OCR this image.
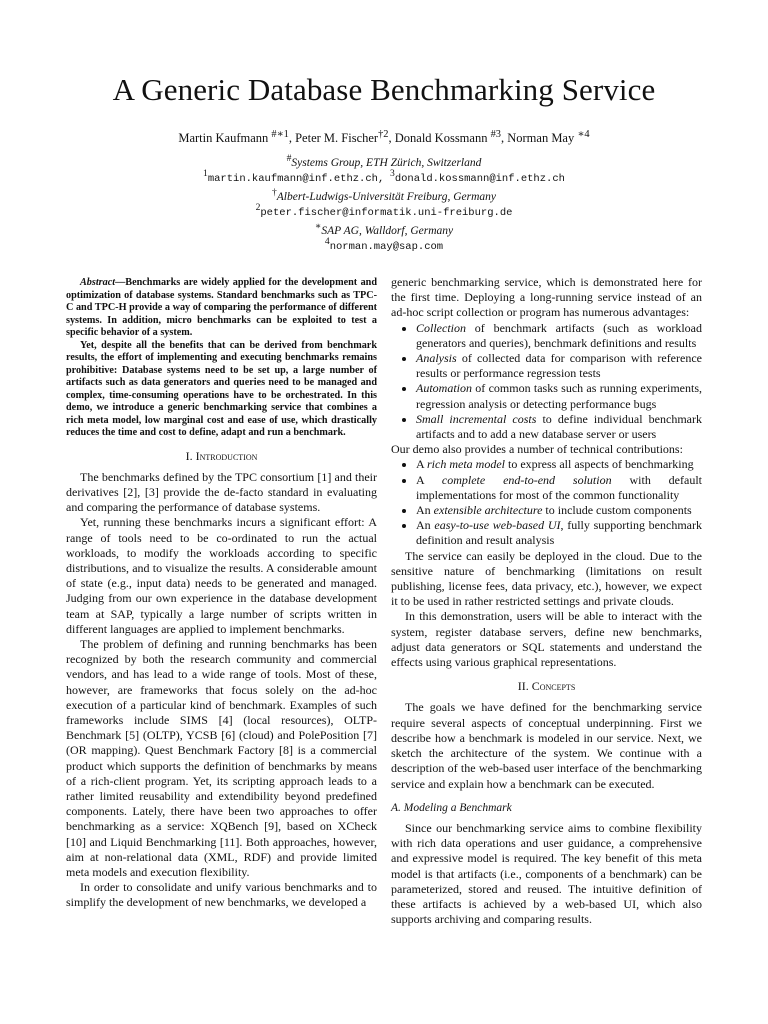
A Generic Database Benchmarking Service
Martin Kaufmann $^{\#∗1}$, Peter M. Fischer$^{\dagger 2}$, Donald Kossmann $^{\#3}$, Norman May $^{∗4}$
#Systems Group, ETH Zürich, Switzerland
$^1$martin.kaufmann@inf.ethz.ch, $^3$donald.kossmann@inf.ethz.ch
†Albert-Ludwigs-Universität Freiburg, Germany
$^2$peter.fischer@informatik.uni-freiburg.de
∗SAP AG, Walldorf, Germany
$^4$norman.may@sap.com

Abstract—Benchmarks are widely applied for the development and optimization of database systems. Standard benchmarks such as TPC-C and TPC-H provide a way of comparing the performance of different systems. In addition, micro benchmarks can be exploited to test a specific behavior of a system.

Yet, despite all the benefits that can be derived from benchmark results, the effort of implementing and executing benchmarks remains prohibitive: Database systems need to be set up, a large number of artifacts such as data generators and queries need to be managed and complex, time-consuming operations have to be orchestrated. In this demo, we introduce a generic benchmarking service that combines a rich meta model, low marginal cost and ease of use, which drastically reduces the time and cost to define, adapt and run a benchmark.

I. Introduction

The benchmarks defined by the TPC consortium [1] and their derivatives [2], [3] provide the de-facto standard in evaluating and comparing the performance of database systems.

Yet, running these benchmarks incurs a significant effort: A range of tools need to be co-ordinated to run the actual workloads, to modify the workloads according to specific distributions, and to visualize the results. A considerable amount of state (e.g., input data) needs to be generated and managed. Judging from our own experience in the database development team at SAP, typically a large number of scripts written in different languages are applied to implement benchmarks.

The problem of defining and running benchmarks has been recognized by both the research community and commercial vendors, and has lead to a wide range of tools. Most of these, however, are frameworks that focus solely on the ad-hoc execution of a particular kind of benchmark. Examples of such frameworks include SIMS [4] (local resources), OLTP-Benchmark [5] (OLTP), YCSB [6] (cloud) and PolePosition [7] (OR mapping). Quest Benchmark Factory [8] is a commercial product which supports the definition of benchmarks by means of a rich-client program. Yet, its scripting approach leads to a rather limited reusability and extendibility beyond predefined components. Lately, there have been two approaches to offer benchmarking as a service: XQBench [9], based on XCheck [10] and Liquid Benchmarking [11]. Both approaches, however, aim at non-relational data (XML, RDF) and provide limited meta models and execution flexibility.

In order to consolidate and unify various benchmarks and to simplify the development of new benchmarks, we developed a

generic benchmarking service, which is demonstrated here for the first time. Deploying a long-running service instead of an ad-hoc script collection or program has numerous advantages:

• Collection of benchmark artifacts (such as workload generators and queries), benchmark definitions and results
• Analysis of collected data for comparison with reference results or performance regression tests
• Automation of common tasks such as running experiments, regression analysis or detecting performance bugs
• Small incremental costs to define individual benchmark artifacts and to add a new database server or users

Our demo also provides a number of technical contributions:

• A rich meta model to express all aspects of benchmarking
• A complete end-to-end solution with default implementations for most of the common functionality
• An extensible architecture to include custom components
• An easy-to-use web-based UI, fully supporting benchmark definition and result analysis

The service can easily be deployed in the cloud. Due to the sensitive nature of benchmarking (limitations on result publishing, license fees, data privacy, etc.), however, we expect it to be used in rather restricted settings and private clouds.

In this demonstration, users will be able to interact with the system, register database servers, define new benchmarks, adjust data generators or SQL statements and understand the effects using various graphical representations.

II. Concepts

The goals we have defined for the benchmarking service require several aspects of conceptual underpinning. First we describe how a benchmark is modeled in our service. Next, we sketch the architecture of the system. We continue with a description of the web-based user interface of the benchmarking service and explain how a benchmark can be executed.

A. Modeling a Benchmark

Since our benchmarking service aims to combine flexibility with rich data operations and user guidance, a comprehensive and expressive model is required. The key benefit of this meta model is that artifacts (i.e., components of a benchmark) can be parameterized, stored and reused. The intuitive definition of these artifacts is achieved by a web-based UI, which also supports archiving and comparing results.
